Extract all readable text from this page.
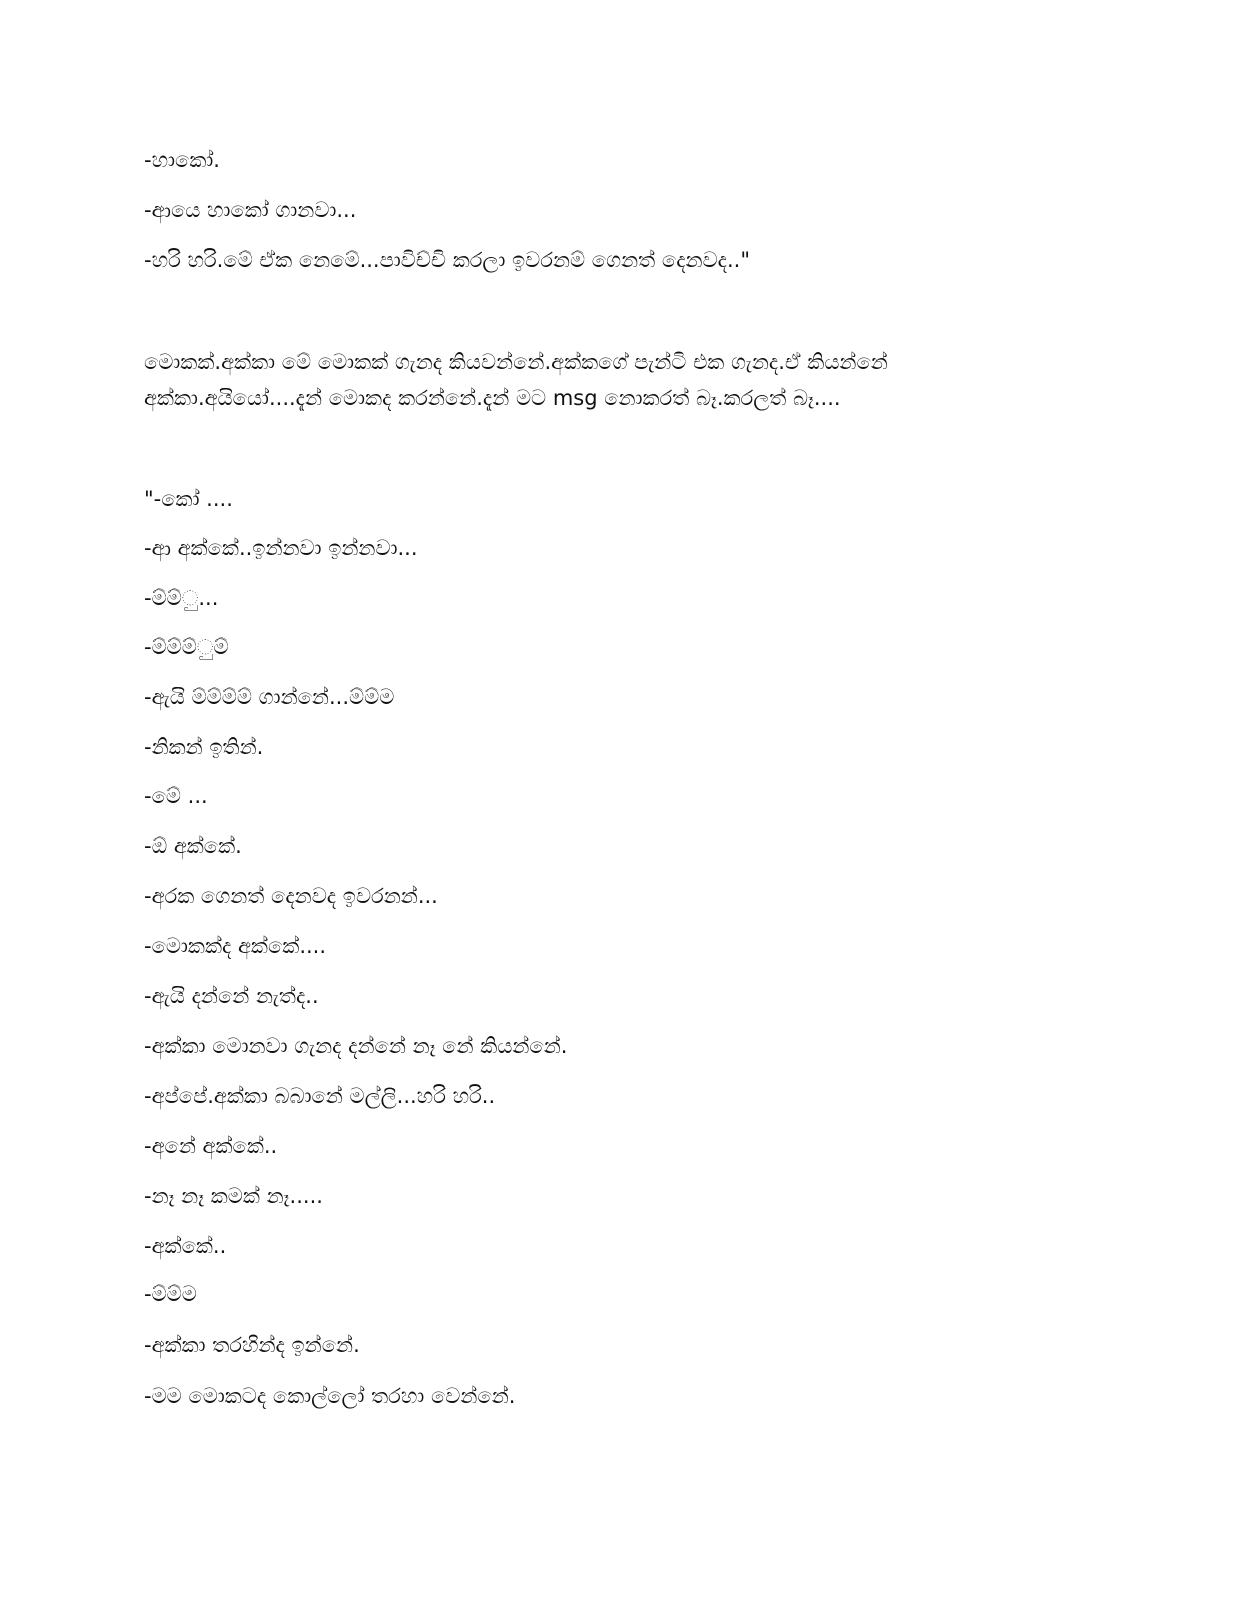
-හාකෝ.
-ආයෙ හාකෝ ගානවා...
-හරි හරි.මේ ඒක නෙමේ...පාවිච්චි කරලා ඉවරනම් ගෙනත් දෙනවද.."
මොකක්.අක්කා මේ මොකක් ගැනද කියවන්නේ.අක්කගේ පැන්ටි එක ගැනද.ඒ කියන්නේ
අක්කා.අයියෝ....දැන් මොකද කරන්නේ.දැන් මට msg නොකරත් බෑ.කරලත් බෑ....
"-කෝ ....
-ආ අක්කේ..ඉන්නවා ඉන්නවා...
-ම්ම්ු...
-ම්ම්ම්ුම්
-ඇයි ම්ම්ම්ම් ගාන්නේ...ම්ම්ම
-නිකන් ඉතින්.
-මේ ...
-ඕ අක්කේ.
-අරක ගෙනත් දෙනවද ඉවරනන්...
-මොකක්ද අක්කේ....
-ඇයි දන්නේ නැත්ද..
-අක්කා මොනවා ගැනද දන්නේ නෑ නේ කියන්නේ.
-අප්පේ.අක්කා බබානේ මල්ලි...හරි හරි..
-අනේ අක්කේ..
-නෑ නෑ කමක් නෑ.....
-අක්කේ..
-ම්ම්ම
-අක්කා තරහින්ද ඉන්නේ.
-මම මොකටද කොල්ලෝ තරහා වෙන්නේ.
